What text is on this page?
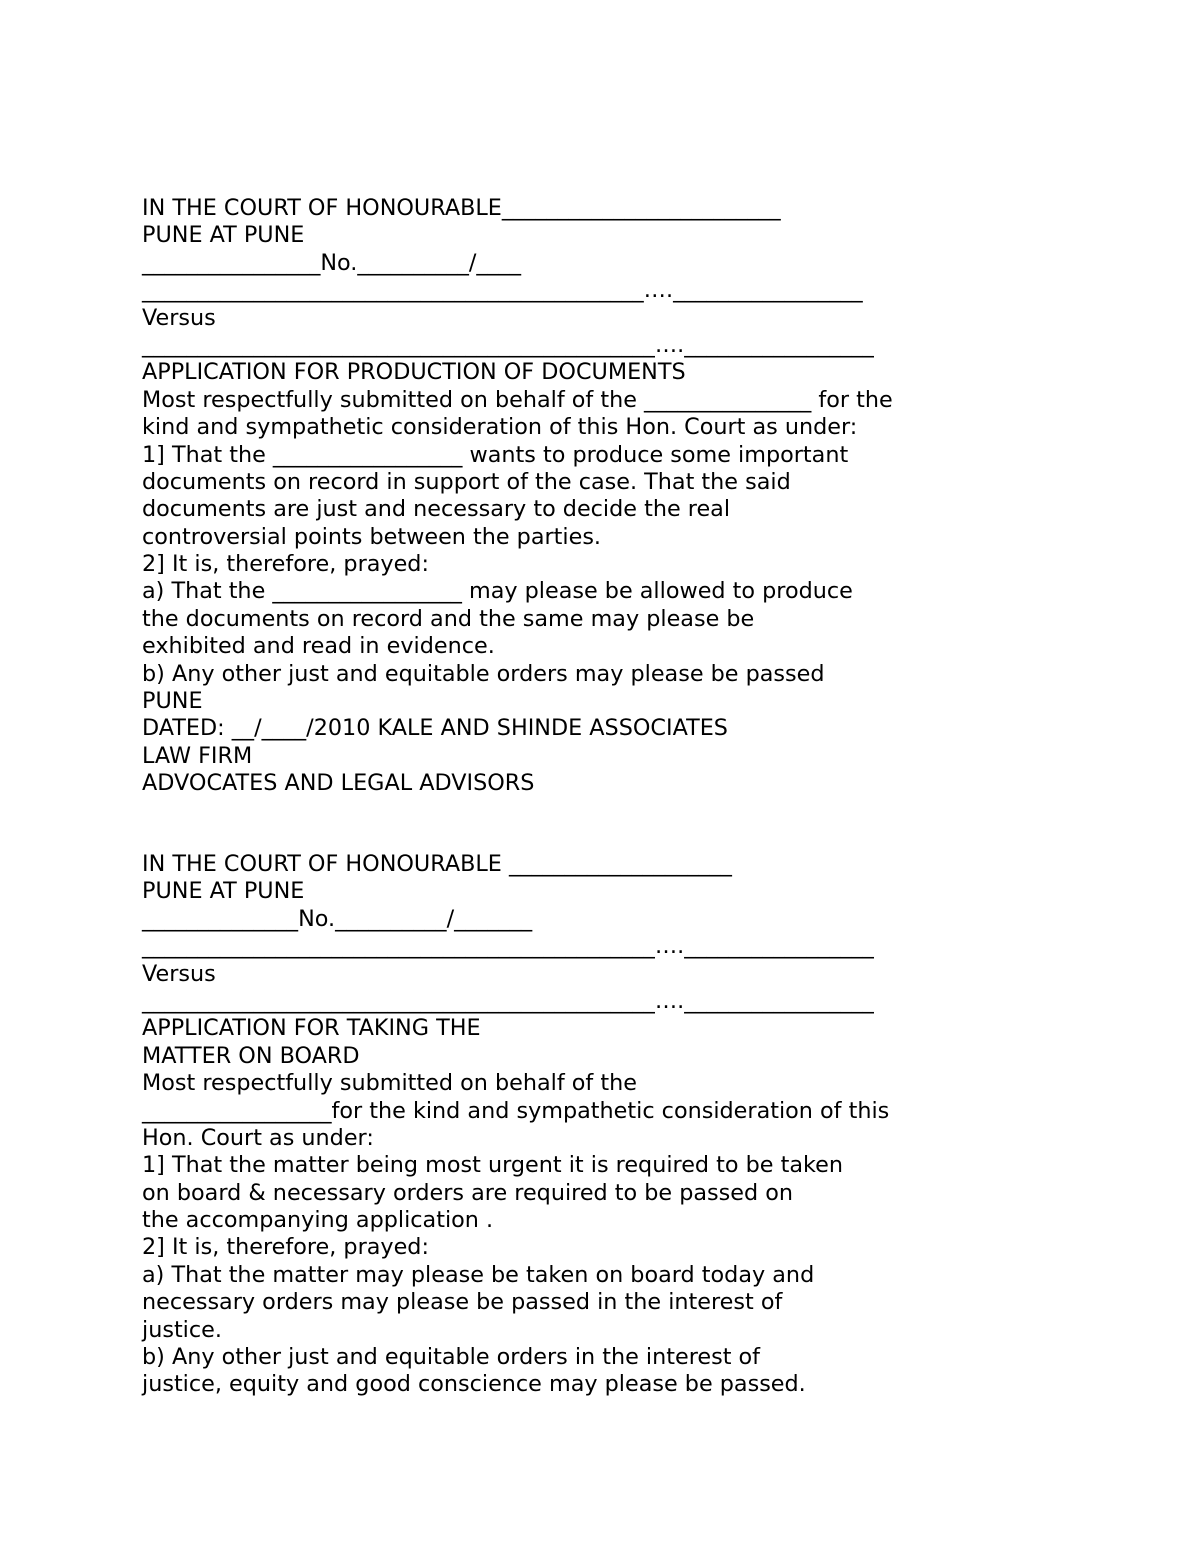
IN THE COURT OF HONOURABLE_________________________
PUNE AT PUNE
________________No.__________/____
_____________________________________________…._________________
Versus
______________________________________________…._________________
APPLICATION FOR PRODUCTION OF DOCUMENTS
Most respectfully submitted on behalf of the _______________ for the
kind and sympathetic consideration of this Hon. Court as under:
1] That the _________________ wants to produce some important
documents on record in support of the case. That the said
documents are just and necessary to decide the real
controversial points between the parties.
2] It is, therefore, prayed:
a) That the _________________ may please be allowed to produce
the documents on record and the same may please be
exhibited and read in evidence.
b) Any other just and equitable orders may please be passed
PUNE
DATED: __/____/2010 KALE AND SHINDE ASSOCIATES
LAW FIRM
ADVOCATES AND LEGAL ADVISORS
IN THE COURT OF HONOURABLE ____________________
PUNE AT PUNE
______________No.__________/_______
______________________________________________…._________________
Versus
______________________________________________…._________________
APPLICATION FOR TAKING THE
MATTER ON BOARD
Most respectfully submitted on behalf of the
_________________for the kind and sympathetic consideration of this
Hon. Court as under:
1] That the matter being most urgent it is required to be taken
on board & necessary orders are required to be passed on
the accompanying application .
2] It is, therefore, prayed:
a) That the matter may please be taken on board today and
necessary orders may please be passed in the interest of
justice.
b) Any other just and equitable orders in the interest of
justice, equity and good conscience may please be passed.
